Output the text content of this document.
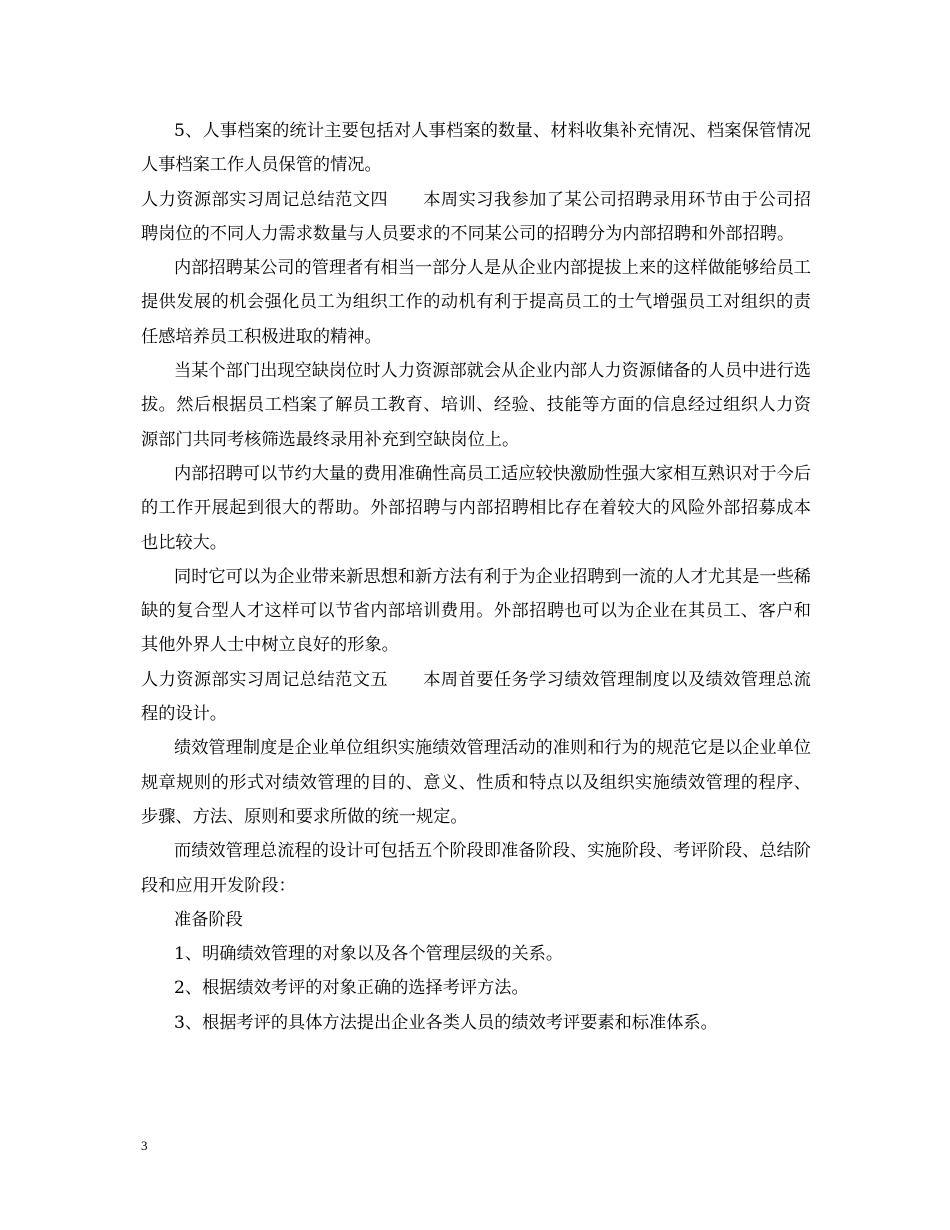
5、人事档案的统计主要包括对人事档案的数量、材料收集补充情况、档案保管情况人事档案工作人员保管的情况。

人力资源部实习周记总结范文四　　本周实习我参加了某公司招聘录用环节由于公司招聘岗位的不同人力需求数量与人员要求的不同某公司的招聘分为内部招聘和外部招聘。

内部招聘某公司的管理者有相当一部分人是从企业内部提拔上来的这样做能够给员工提供发展的机会强化员工为组织工作的动机有利于提高员工的士气增强员工对组织的责任感培养员工积极进取的精神。

当某个部门出现空缺岗位时人力资源部就会从企业内部人力资源储备的人员中进行选拔。然后根据员工档案了解员工教育、培训、经验、技能等方面的信息经过组织人力资源部门共同考核筛选最终录用补充到空缺岗位上。

内部招聘可以节约大量的费用准确性高员工适应较快激励性强大家相互熟识对于今后的工作开展起到很大的帮助。外部招聘与内部招聘相比存在着较大的风险外部招募成本也比较大。

同时它可以为企业带来新思想和新方法有利于为企业招聘到一流的人才尤其是一些稀缺的复合型人才这样可以节省内部培训费用。外部招聘也可以为企业在其员工、客户和其他外界人士中树立良好的形象。

人力资源部实习周记总结范文五　　本周首要任务学习绩效管理制度以及绩效管理总流程的设计。

绩效管理制度是企业单位组织实施绩效管理活动的准则和行为的规范它是以企业单位规章规则的形式对绩效管理的目的、意义、性质和特点以及组织实施绩效管理的程序、步骤、方法、原则和要求所做的统一规定。

而绩效管理总流程的设计可包括五个阶段即准备阶段、实施阶段、考评阶段、总结阶段和应用开发阶段：

准备阶段

1、明确绩效管理的对象以及各个管理层级的关系。

2、根据绩效考评的对象正确的选择考评方法。

3、根据考评的具体方法提出企业各类人员的绩效考评要素和标准体系。

3
